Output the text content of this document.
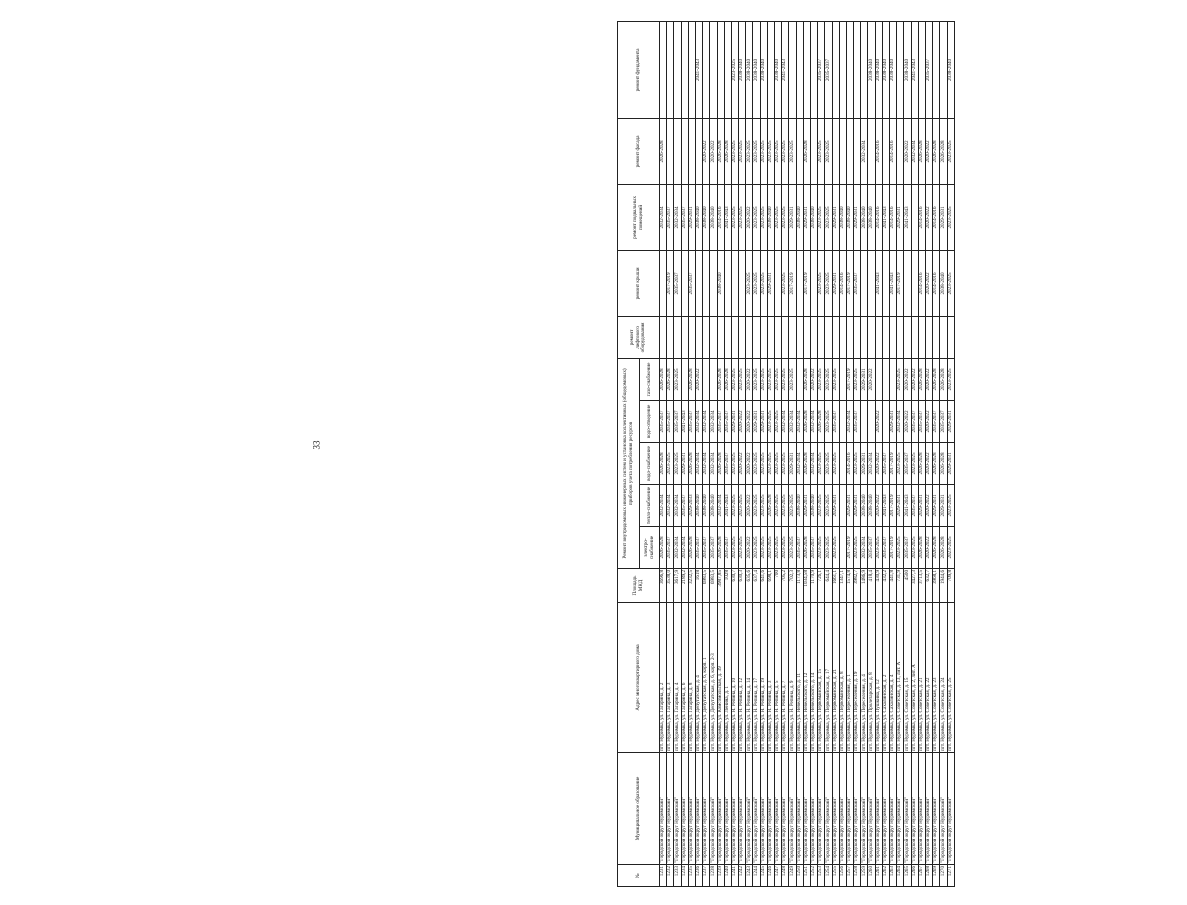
33
№	Муниципальное образование	Адрес многоквартирного дома	Площадь МКД	Ремонт внутридомовых инженерных систем и установка коллективных (общедомовых) приборов учета потребления ресурсов					ремонт лифтового оборудования	ремонт крыши	ремонт подвальных помещений	ремонт фасада	ремонт фундамента
				электро-снабжение	тепло-снабжение	водо-снабжение	водо-отведение	газо-снабжение					
1231	"Городской округ Нуримский"	пгт. Нуримка, ул. Гагарина, д. 2	3696,8	2026-2028	2032-2034	2026-2028	2035-2037	2026-2028			2032-2034	2026-2028	
1232	"Городской округ Нуримский"	пгт. Нуримка, ул. Гагарина, д. 3	3538,0	2035-2037	2032-2034	2023-2025	2035-2037	2026-2028		2017-2019	2035-2037		
1233	"Городской округ Нуримский"	пгт. Нуримка, ул. Гагарина, д. 4	3617,9	2032-2034	2032-2034	2023-2025	2035-2037	2023-2025		2035-2037	2032-2034		
1234	"Городской округ Нуримский"	пгт. Нуримка, ул. Гагарина, д. 6	2189,2	2032-2034	2035-2037	2029-2031	2041-2043				2035-2037		
1235	"Городской округ Нуримский"	пгт. Нуримка, ул. Гагарина, д. 8	3232,5	2026-2028	2029-2033	2026-2028	2035-2037	2026-2028		2035-2037	2029-2031		
1236	"Городской округ Нуримский"	пгт. Нуримка, ул. Депутатская, д. 4	1618	2035-2037	2038-2040	2032-2034	2032-2034	2020-2022			2038-2040		2041-2043
1237	"Городской округ Нуримский"	пгт. Нуримка, ул. Депутатская, д. 6, корп. 1	6983,5	2035-2037	2038-2040	2032-2034	2032-2034				2038-2040	2020-2022	
1238	"Городской округ Нуримский"	пгт. Нуримка, ул. Депутатская, д. 6, корп. 2-3	6983,5	2035-2037	2038-2040	2032-2034	2032-2034				2038-2040	2020-2022	
1239	"Городской округ Нуримский"	пгт. Нуримка, ул. Комсомольская, д. 39	3987,85	2026-2028	2032-2034	2026-2028	2035-2037	2026-2028		2038-2040	2014-2016	2026-2028	
1240	"Городской округ Нуримский"	пгт. Нуримка, ул. Ленина, д. 1	1028	2035-2037	2041-2043	2035-2037	2035-2037	2026-2028			2041-2043	2026-2028	
1241	"Городской округ Нуримский"	пгт. Нуримка, ул. Н. Репина, д. 10	630,7	2023-2025	2023-2025	2023-2025	2029-2031	2023-2025			2023-2025	2023-2025	2023-2025
1242	"Городской округ Нуримский"	пгт. Нуримка, ул. Н. Репина, д. 12	630,3	2023-2025	2023-2025	2020-2022	2020-2022	2023-2025			2023-2025	2023-2025	2038-2040
1243	"Городской округ Нуримский"	пгт. Нуримка, ул. Н. Репина, д. 14	635,6	2020-2022	2020-2022	2020-2022	2020-2022	2020-2022		2023-2025	2020-2022	2023-2025	2038-2040
1244	"Городской округ Нуримский"	пгт. Нуримка, ул. Н. Репина, д. 17	637,4	2023-2025	2023-2025	2023-2025	2029-2031	2023-2025		2023-2025	2023-2025	2023-2025	2038-2040
1245	"Городской округ Нуримский"	пгт. Нуримка, ул. Н. Репина, д. 19	641,6	2023-2025	2023-2025	2023-2025	2029-2031	2023-2025		2023-2025	2023-2025	2023-2025	2038-2040
1246	"Городской округ Нуримский"	пгт. Нуримка, ул. Н. Репина, д. 3	698,1	2023-2025	2026-2028	2023-2025	2023-2025	2023-2025		2029-2031	2038-2040	2023-2025	
1247	"Городской округ Нуримский"	пгт. Нуримка, ул. Н. Репина, д. 5	700	2023-2025	2023-2025	2023-2025	2023-2025	2023-2025			2023-2025	2023-2025	2038-2040
1248	"Городской округ Нуримский"	пгт. Нуримка, ул. Н. Репина, д. 7	705,2	2023-2025	2023-2025	2023-2025	2032-2034	2023-2025		2023-2025	2023-2025	2023-2025	2041-2043
1249	"Городской округ Нуримский"	пгт. Нуримка, ул. Н. Репина, д. 9	702,3	2023-2025	2023-2025	2029-2031	2032-2034	2023-2025		2017-2019	2029-2031	2023-2025	
1250	"Городской округ Нуримский"	пгт. Нуримка, ул. Невельского, д. 11	1173,8	2035-2037	2038-2040	2032-2034	2032-2034				2038-2040		
1251	"Городской округ Нуримский"	пгт. Нуримка, ул. Невельского, д. 12	1034,58	2026-2028	2029-2031	2026-2028	2026-2028	2026-2028		2017-2019	2029-2031	2026-2028	
1252	"Городской округ Нуримский"	пгт. Нуримка, ул. Невельского, д. 14	1170,9	2035-2037	2038-2040	2032-2034	2032-2034	2020-2022			2038-2040		
1253	"Городской округ Нуримский"	пгт. Нуримка, ул. Первомайская, д. 15	726,1	2023-2025	2023-2025	2023-2025	2026-2028	2023-2025		2023-2025	2023-2025	2023-2025	2035-2037
1254	"Городской округ Нуримский"	пгт. Нуримка, ул. Первомайская, д. 17	644,4	2023-2025	2023-2025	2023-2025	2023-2025	2023-2025		2023-2025	2023-2025	2023-2025	2035-2037
1255	"Городской округ Нуримский"	пгт. Нуримка, ул. Первомайская, д. 21	1661,1	2023-2025	2029-2031	2023-2025	2035-2037	2023-2025		2029-2031	2029-2031		
1256	"Городской округ Нуримский"	пгт. Нуримка, ул. Первомайская, д. 8	1347,1							2014-2016	2038-2040		
1257	"Городской округ Нуримский"	пгт. Нуримка, ул. Переселения, д. 1	1574,8	2017-2019	2029-2031	2014-2016	2032-2034	2017-2019		2017-2019	2038-2040		
1258	"Городской округ Нуримский"	пгт. Нуримка, ул. Переселения, д. 19	3982,7	2023-2025	2029-2031	2023-2025	2035-2037	2023-2025		2035-2037	2029-2031		
1259	"Городской округ Нуримский"	пгт. Нуримка, ул. Переселения, д. 4	1486,9	2032-2034	2038-2040	2029-2031		2029-2031			2038-2040	2032-2034	
1260	"Городской округ Нуримский"	пгт. Нуримка, ул. Пролетарская, д. 8	418,4	2035-2037	2038-2040	2032-2034		2020-2022			2038-2040		2038-2040
1261	"Городской округ Нуримский"	пгт. Нуримка, ул. Пушкина, д. 12	430,9	2023-2025	2020-2022	2020-2022	2020-2022			2041-2043	2014-2016	2014-2016	2038-2040
1262	"Городской округ Нуримский"	пгт. Нуримка, ул. Сахалинская, д. 2	432,2	2035-2037	2041-2043	2035-2037					2041-2043		2038-2040
1263	"Городской округ Нуримский"	пгт. Нуримка, ул. Сахалинская, д. 4	441,8	2017-2019	2017-2019	2017-2019	2029-2031			2041-2043	2014-2016	2014-2016	2038-2040
1264	"Городской округ Нуримский"	пгт. Нуримка, ул. Советская, д. 13, лит. А	731,9	2023-2025	2029-2031	2023-2025	2032-2034	2023-2025		2017-2019	2029-2031		
1265	"Городской округ Нуримский"	пгт. Нуримка, ул. Советская, д. 15	4500	2035-2037	2041-2043	2035-2037	2020-2022	2020-2022			2041-2043	2020-2022	2038-2040
1266	"Городской округ Нуримский"	пгт. Нуримка, ул. Советская, д. 2, лит. А	3427,3	2023-2025	2035-2037	2023-2025	2035-2037	2020-2022				2032-2034	2041-2043
1267	"Городской округ Нуримский"	пгт. Нуримка, ул. Советская, д. 21	3713,5	2026-2028	2029-2031	2026-2028	2035-2037	2026-2028		2014-2016	2014-2016	2026-2028	
1268	"Городской округ Нуримский"	пгт. Нуримка, ул. Советская, д. 22	632,7	2020-2022	2020-2022	2020-2022	2020-2022	2020-2022		2020-2022	2020-2022	2020-2022	2035-2037
1269	"Городской округ Нуримский"	пгт. Нуримка, ул. Советская, д. 23	3968,1	2026-2028	2029-2031	2026-2028	2035-2037	2026-2028		2014-2016	2014-2016	2026-2028	
1270	"Городской округ Нуримский"	пгт. Нуримка, ул. Советская, д. 24	1944,6	2026-2028	2029-2031	2026-2028	2035-2037	2026-2028		2038-2040	2029-2031	2026-2028	
1271	"Городской округ Нуримский"	пгт. Нуримка, ул. Советская, д. 25	709,8	2023-2025	2023-2025	2029-2031	2029-2031	2023-2025		2023-2025	2023-2025	2023-2025	2038-2040
